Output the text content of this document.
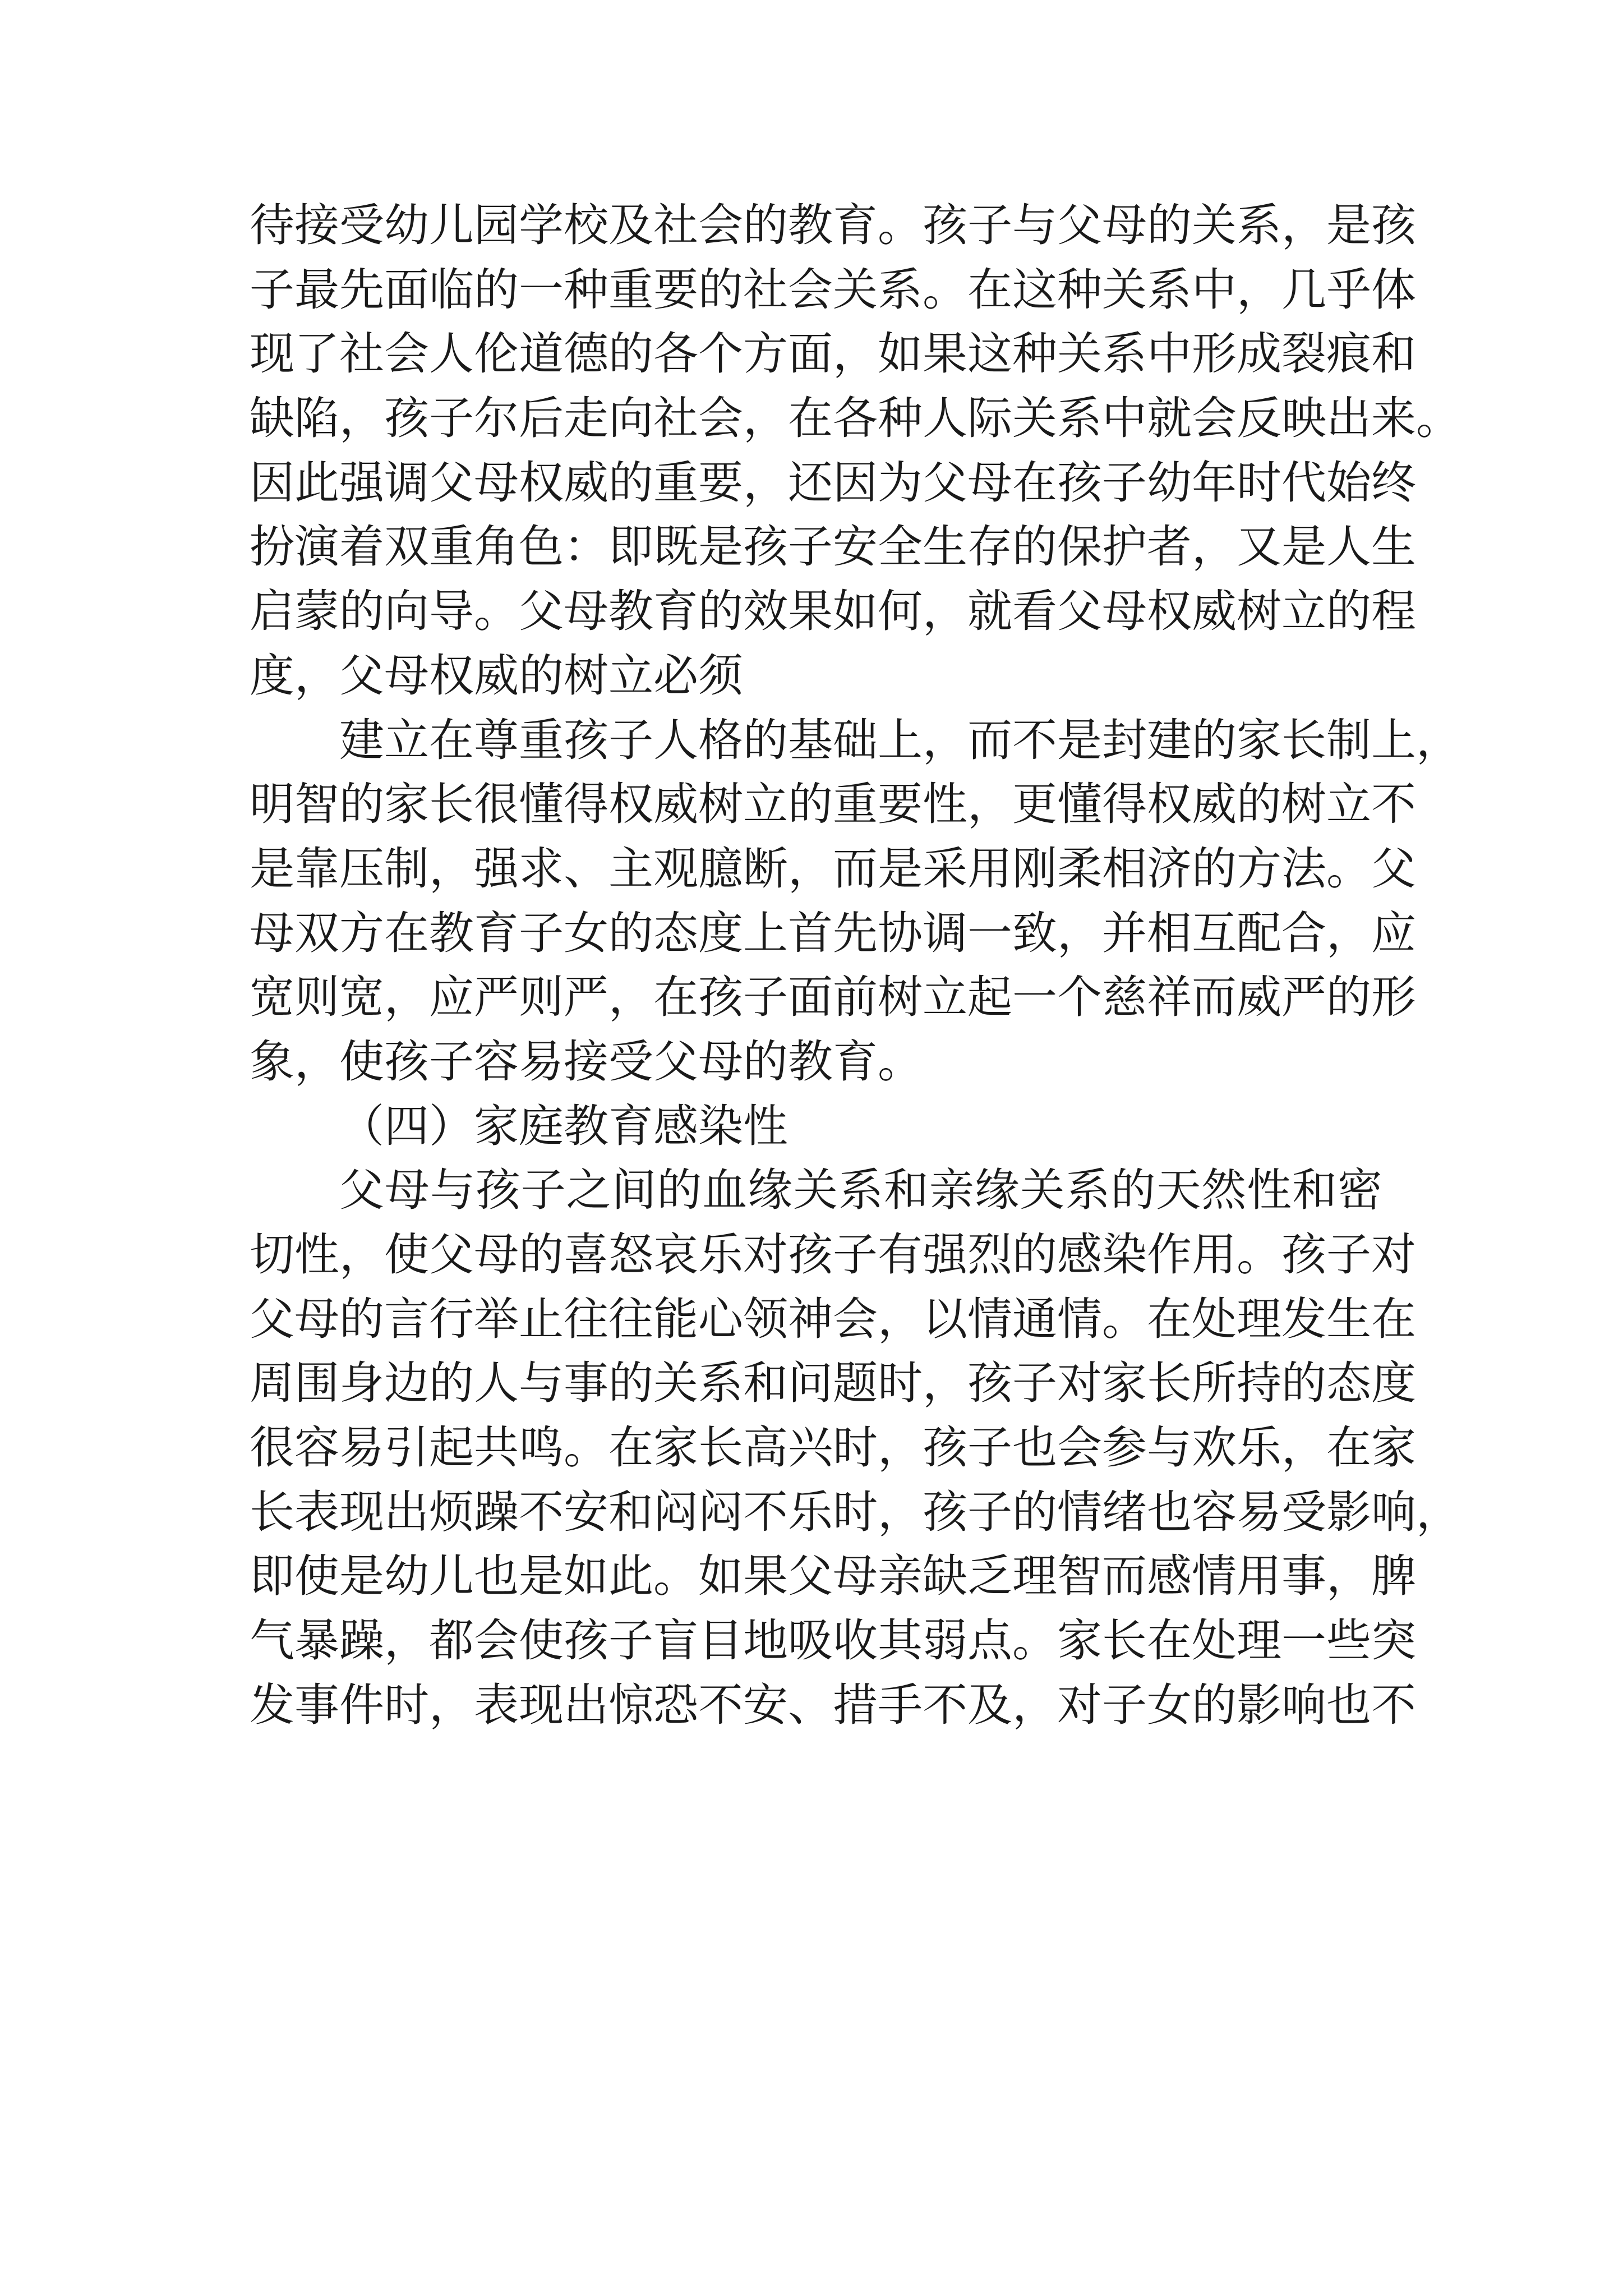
待接受幼儿园学校及社会的教育。孩子与父母的关系，是孩
子最先面临的一种重要的社会关系。在这种关系中，几乎体
现了社会人伦道德的各个方面，如果这种关系中形成裂痕和
缺陷，孩子尔后走向社会，在各种人际关系中就会反映出来。
因此强调父母权威的重要，还因为父母在孩子幼年时代始终
扮演着双重角色：即既是孩子安全生存的保护者，又是人生
启蒙的向导。父母教育的效果如何，就看父母权威树立的程
度，父母权威的树立必须
建立在尊重孩子人格的基础上，而不是封建的家长制上，
明智的家长很懂得权威树立的重要性，更懂得权威的树立不
是靠压制，强求、主观臆断，而是采用刚柔相济的方法。父
母双方在教育子女的态度上首先协调一致，并相互配合，应
宽则宽，应严则严，在孩子面前树立起一个慈祥而威严的形
象，使孩子容易接受父母的教育。
（四）家庭教育感染性
父母与孩子之间的血缘关系和亲缘关系的天然性和密
切性，使父母的喜怒哀乐对孩子有强烈的感染作用。孩子对
父母的言行举止往往能心领神会，以情通情。在处理发生在
周围身边的人与事的关系和问题时，孩子对家长所持的态度
很容易引起共鸣。在家长高兴时，孩子也会参与欢乐，在家
长表现出烦躁不安和闷闷不乐时，孩子的情绪也容易受影响，
即使是幼儿也是如此。如果父母亲缺乏理智而感情用事，脾
气暴躁，都会使孩子盲目地吸收其弱点。家长在处理一些突
发事件时，表现出惊恐不安、措手不及，对子女的影响也不
